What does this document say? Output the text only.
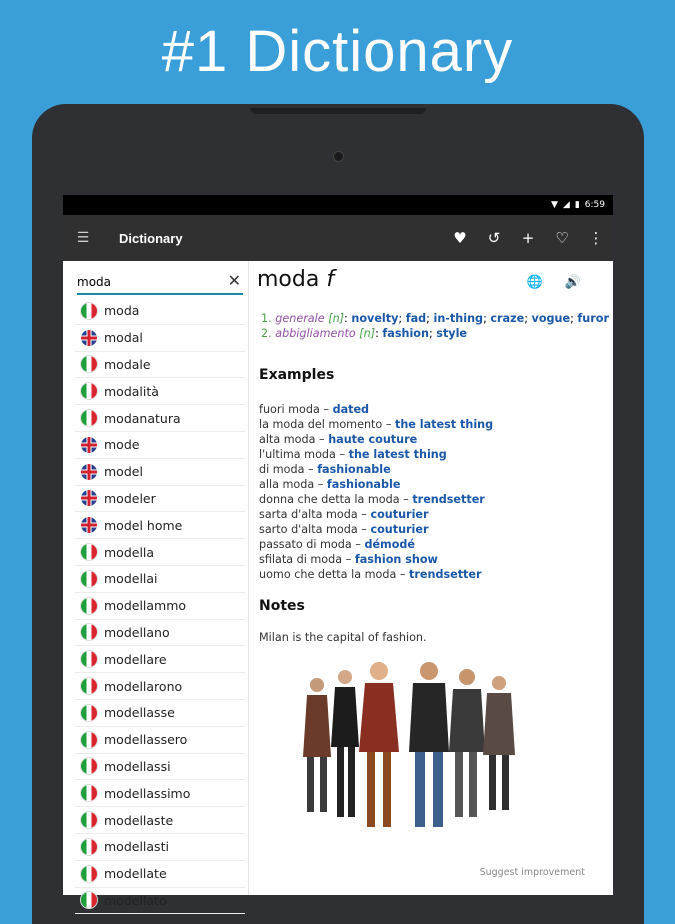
#1 Dictionary
▼ ◢ ▮ 6:59
☰	Dictionary	♥	↺	+	♡	⋮
moda
✕
moda
modal
modale
modalità
modanatura
mode
model
modeler
model home
modella
modellai
modellammo
modellano
modellare
modellarono
modellasse
modellassero
modellassi
modellassimo
modellaste
modellasti
modellate
modellato
moda f	🌐 🔊
1. generale [n]: novelty; fad; in-thing; craze; vogue; furor
2. abbigliamento [n]: fashion; style
Examples
fuori moda – dated
la moda del momento – the latest thing
alta moda – haute couture
l'ultima moda – the latest thing
di moda – fashionable
alla moda – fashionable
donna che detta la moda – trendsetter
sarta d'alta moda – couturier
sarto d'alta moda – couturier
passato di moda – démodé
sfilata di moda – fashion show
uomo che detta la moda – trendsetter
Notes
Milan is the capital of fashion.
Suggest improvement
